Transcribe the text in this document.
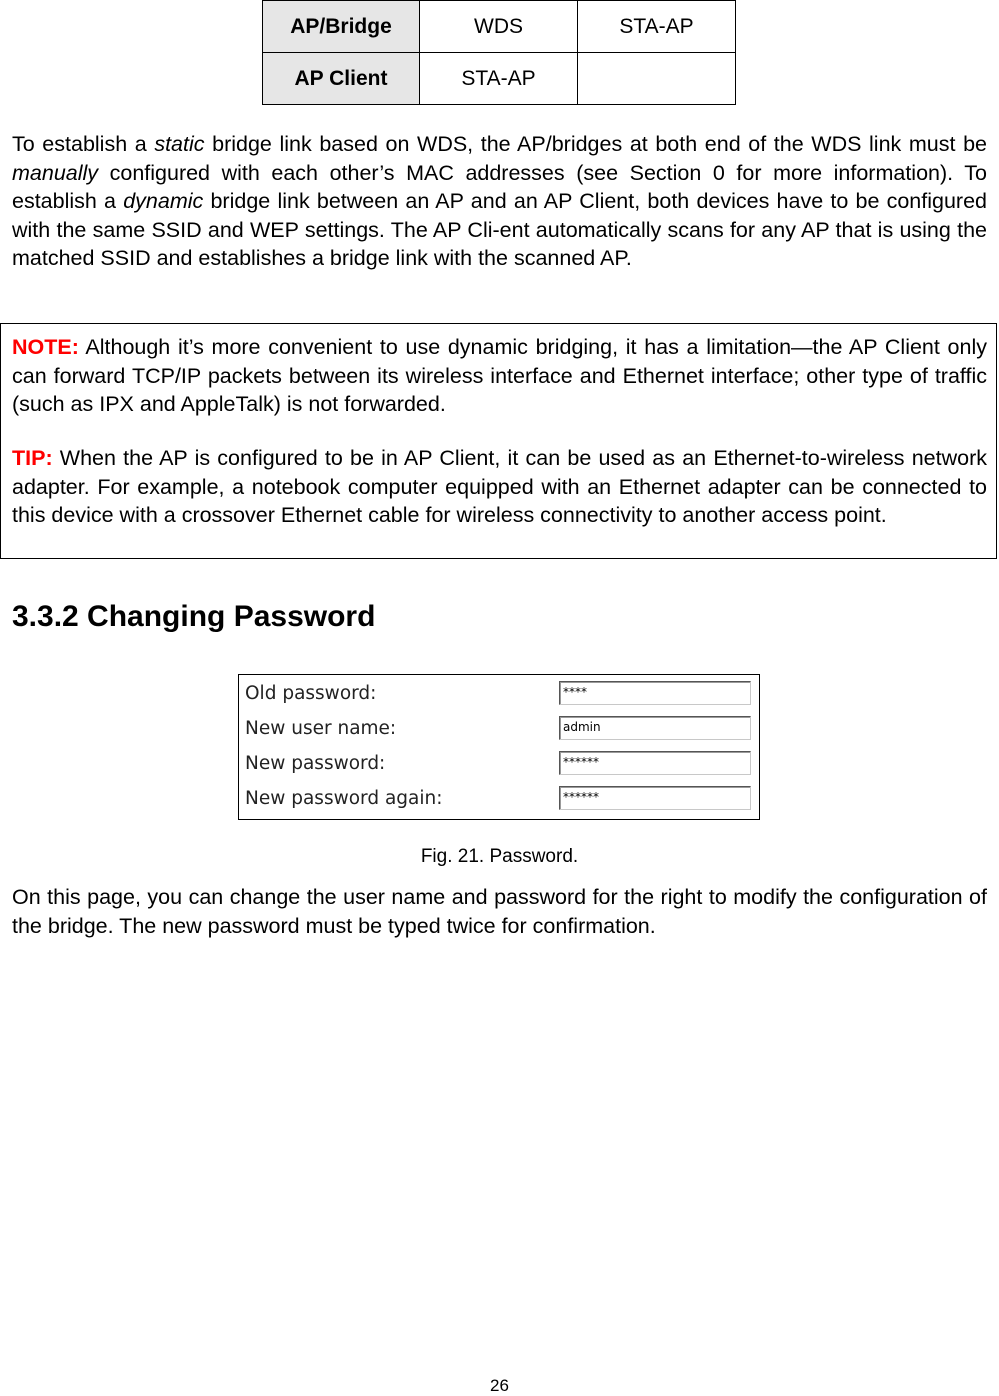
AP/Bridge	WDS	STA-AP
AP Client	STA-AP	

To establish a static bridge link based on WDS, the AP/bridges at both end of the WDS link must be manually configured with each other’s MAC addresses (see Section 0 for more information). To establish a dynamic bridge link between an AP and an AP Client, both devices have to be configured with the same SSID and WEP settings. The AP Cli-ent automatically scans for any AP that is using the matched SSID and establishes a bridge link with the scanned AP.

NOTE: Although it’s more convenient to use dynamic bridging, it has a limitation—the AP Client only can forward TCP/IP packets between its wireless interface and Ethernet interface; other type of traffic (such as IPX and AppleTalk) is not forwarded.

TIP: When the AP is configured to be in AP Client, it can be used as an Ethernet-to-wireless network adapter. For example, a notebook computer equipped with an Ethernet adapter can be connected to this device with a crossover Ethernet cable for wireless connectivity to another access point.

3.3.2 Changing Password
Old password:	****
New user name:	admin
New password:	******
New password again:	******

Fig. 21. Password.

On this page, you can change the user name and password for the right to modify the configuration of the bridge. The new password must be typed twice for confirmation.

26
